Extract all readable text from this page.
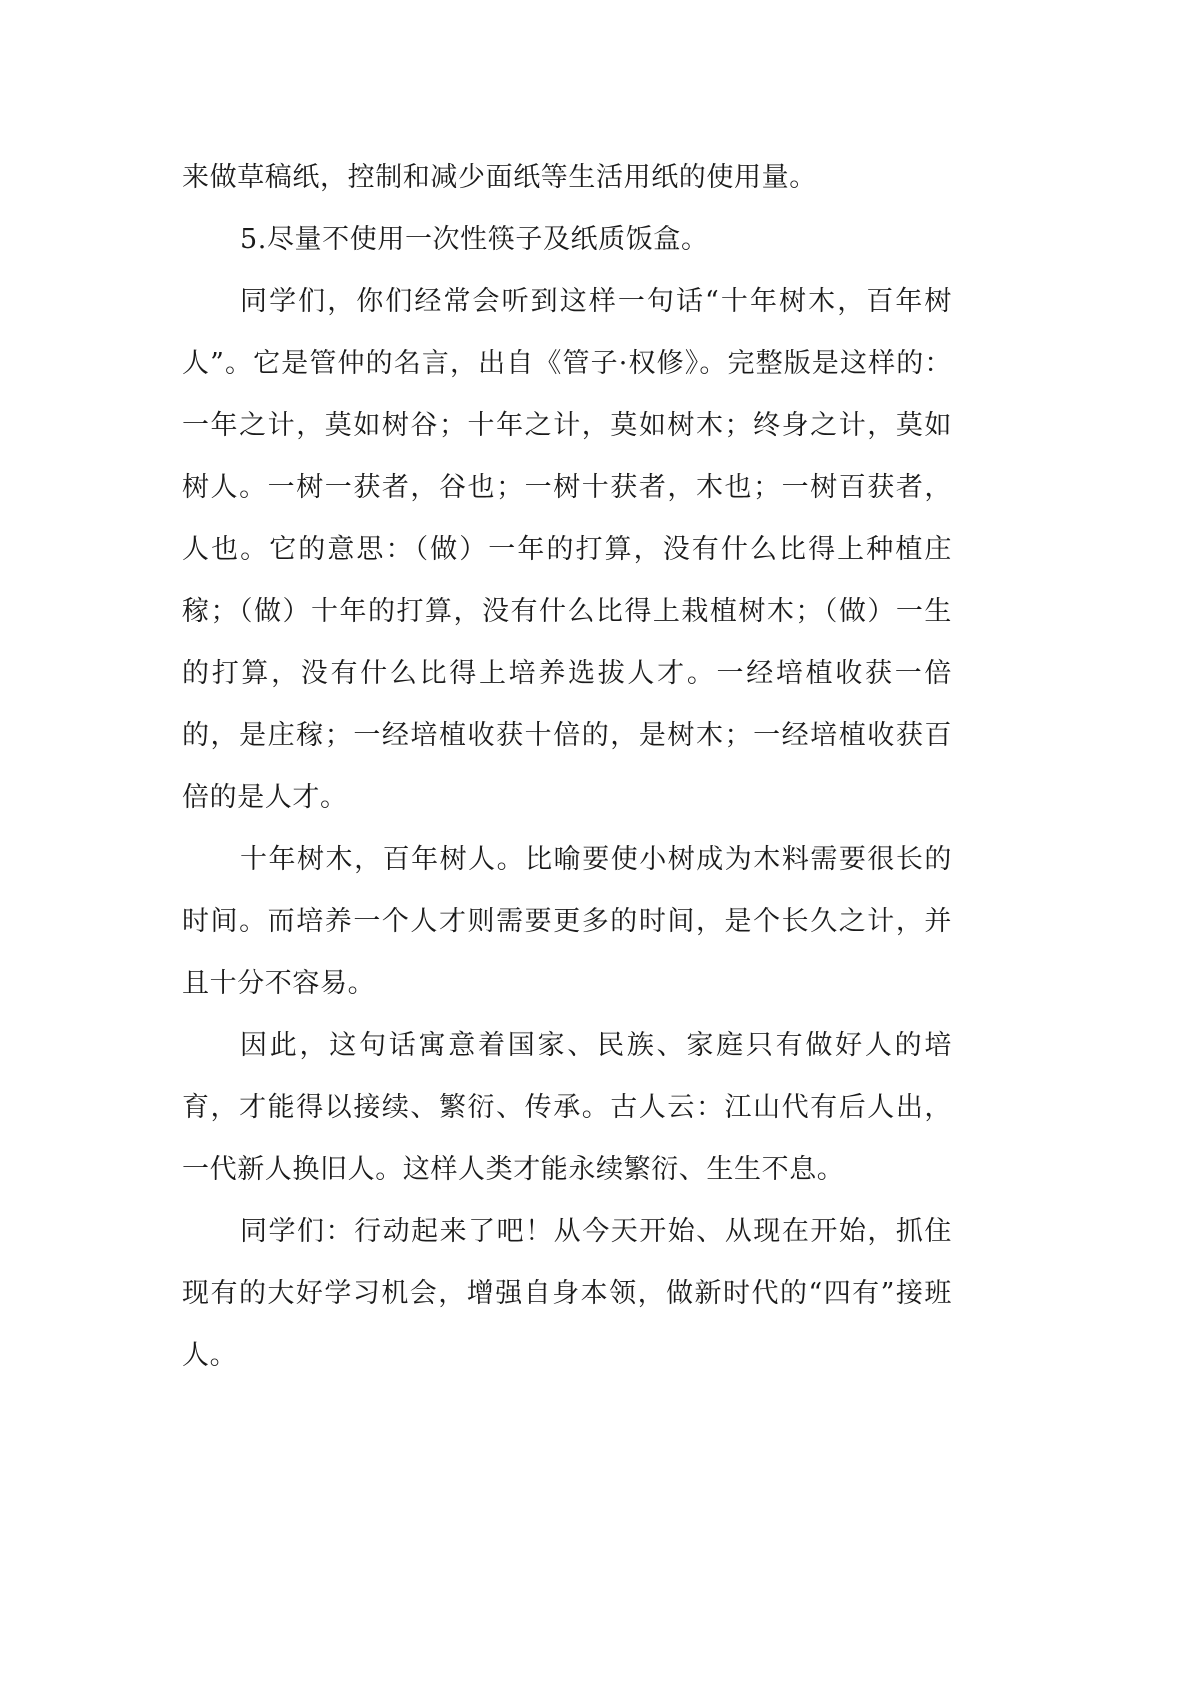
来做草稿纸，控制和减少面纸等生活用纸的使用量。

5.尽量不使用一次性筷子及纸质饭盒。

同学们，你们经常会听到这样一句话“十年树木，百年树人”。它是管仲的名言，出自《管子·权修》。完整版是这样的：一年之计，莫如树谷；十年之计，莫如树木；终身之计，莫如树人。一树一获者，谷也；一树十获者，木也；一树百获者，人也。它的意思：（做）一年的打算，没有什么比得上种植庄稼；（做）十年的打算，没有什么比得上栽植树木；（做）一生的打算，没有什么比得上培养选拔人才。一经培植收获一倍的，是庄稼；一经培植收获十倍的，是树木；一经培植收获百倍的是人才。

十年树木，百年树人。比喻要使小树成为木料需要很长的时间。而培养一个人才则需要更多的时间，是个长久之计，并且十分不容易。

因此，这句话寓意着国家、民族、家庭只有做好人的培育，才能得以接续、繁衍、传承。古人云：江山代有后人出，一代新人换旧人。这样人类才能永续繁衍、生生不息。

同学们：行动起来了吧！从今天开始、从现在开始，抓住现有的大好学习机会，增强自身本领，做新时代的“四有”接班人。
